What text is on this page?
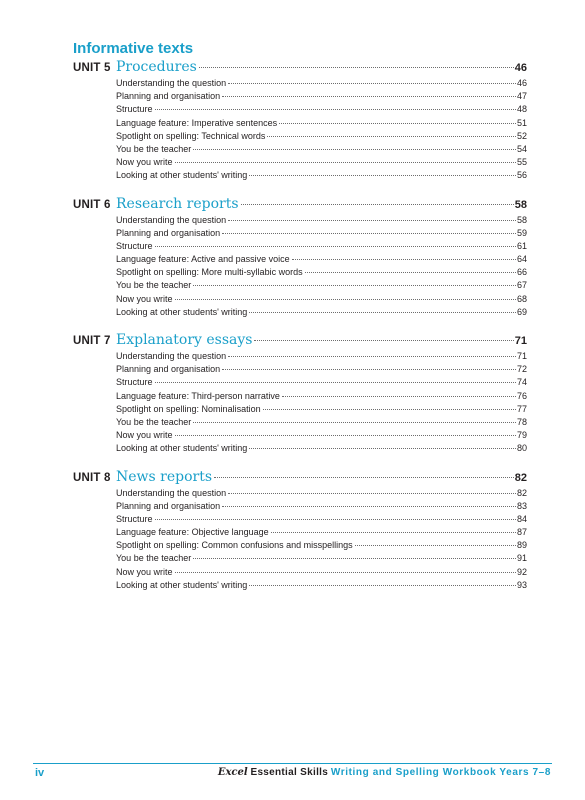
Informative texts
UNIT 5 Procedures	46
Understanding the question	46
Planning and organisation	47
Structure	48
Language feature: Imperative sentences	51
Spotlight on spelling: Technical words	52
You be the teacher	54
Now you write	55
Looking at other students' writing	56
UNIT 6 Research reports	58
Understanding the question	58
Planning and organisation	59
Structure	61
Language feature: Active and passive voice	64
Spotlight on spelling: More multi-syllabic words	66
You be the teacher	67
Now you write	68
Looking at other students' writing	69
UNIT 7 Explanatory essays	71
Understanding the question	71
Planning and organisation	72
Structure	74
Language feature: Third-person narrative	76
Spotlight on spelling: Nominalisation	77
You be the teacher	78
Now you write	79
Looking at other students' writing	80
UNIT 8 News reports	82
Understanding the question	82
Planning and organisation	83
Structure	84
Language feature: Objective language	87
Spotlight on spelling: Common confusions and misspellings	89
You be the teacher	91
Now you write	92
Looking at other students' writing	93
iv	Excel Essential Skills Writing and Spelling Workbook Years 7–8
